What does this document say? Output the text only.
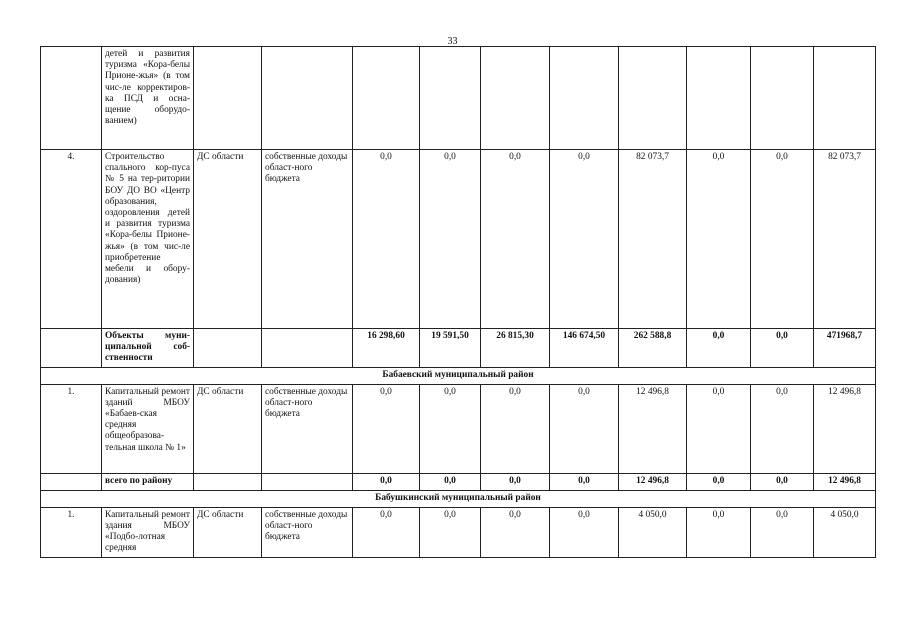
33
	детей и развития туризма «Кора-белы Прионе-жья» (в том чис-ле корректиров-ка ПСД и осна-щение оборудо-ванием)										
4.	Строительство спального кор-пуса № 5 на тер-ритории БОУ ДО ВО «Центр образования, оздоровления детей и развития туризма «Кора-белы Прионе-жья» (в том чис-ле приобретение мебели и обору-дования)	ДС области	собственные доходы област-ного бюджета	0,0	0,0	0,0	0,0	82 073,7	0,0	0,0	82 073,7
	Объекты муни-ципальной соб-ственности			16 298,60	19 591,50	26 815,30	146 674,50	262 588,8	0,0	0,0	471968,7
Бабаевский муниципальный район											
1.	Капитальный ремонт зданий МБОУ «Бабаев-ская средняя общеобразова-тельная школа № 1»	ДС области	собственные доходы област-ного бюджета	0,0	0,0	0,0	0,0	12 496,8	0,0	0,0	12 496,8
	всего по району			0,0	0,0	0,0	0,0	12 496,8	0,0	0,0	12 496,8
Бабушкинский муниципальный район											
1.	Капитальный ремонт здания МБОУ «Подбо-лотная средняя	ДС области	собственные доходы област-ного бюджета	0,0	0,0	0,0	0,0	4 050,0	0,0	0,0	4 050,0
